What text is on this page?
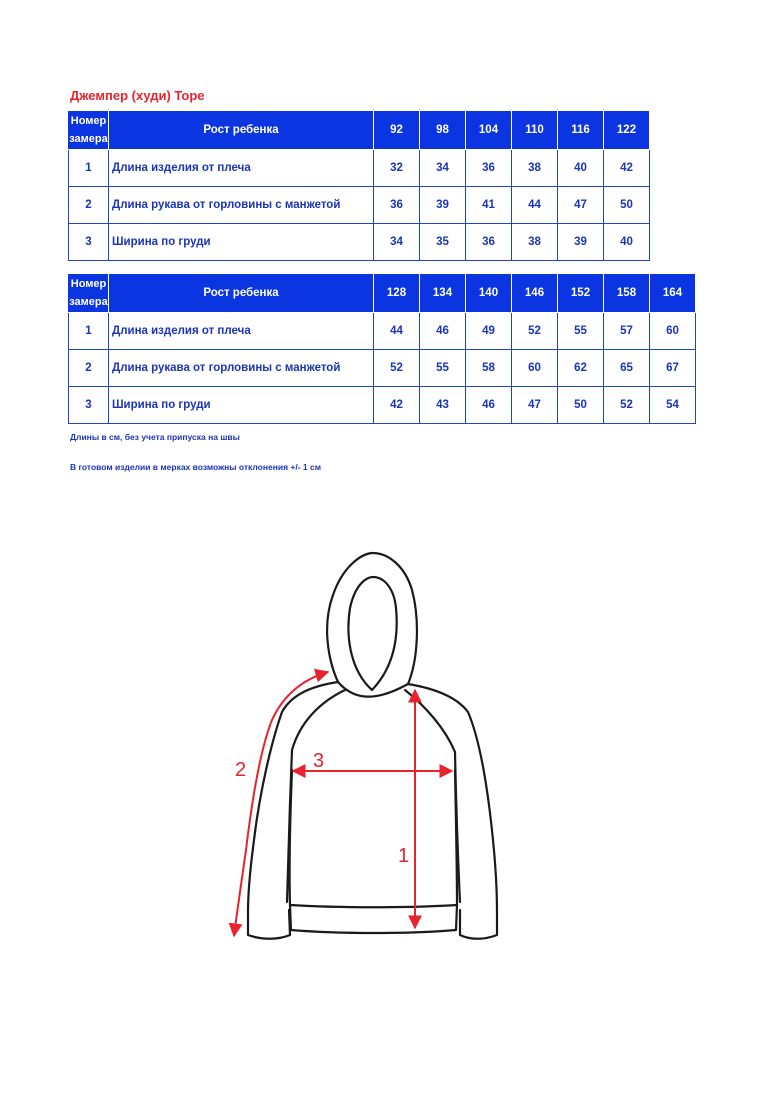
Джемпер (худи) Tope
Номер замера	Рост ребенка	92	98	104	110	116	122
1	Длина изделия от плеча	32	34	36	38	40	42
2	Длина рукава от горловины с манжетой	36	39	41	44	47	50
3	Ширина по груди	34	35	36	38	39	40
Номер замера	Рост ребенка	128	134	140	146	152	158	164
1	Длина изделия от плеча	44	46	49	52	55	57	60
2	Длина рукава от горловины с манжетой	52	55	58	60	62	65	67
3	Ширина по груди	42	43	46	47	50	52	54
Длины в см, без учета припуска на швы
В готовом изделии в мерках возможны отклонения +/- 1 см
1
2	3
